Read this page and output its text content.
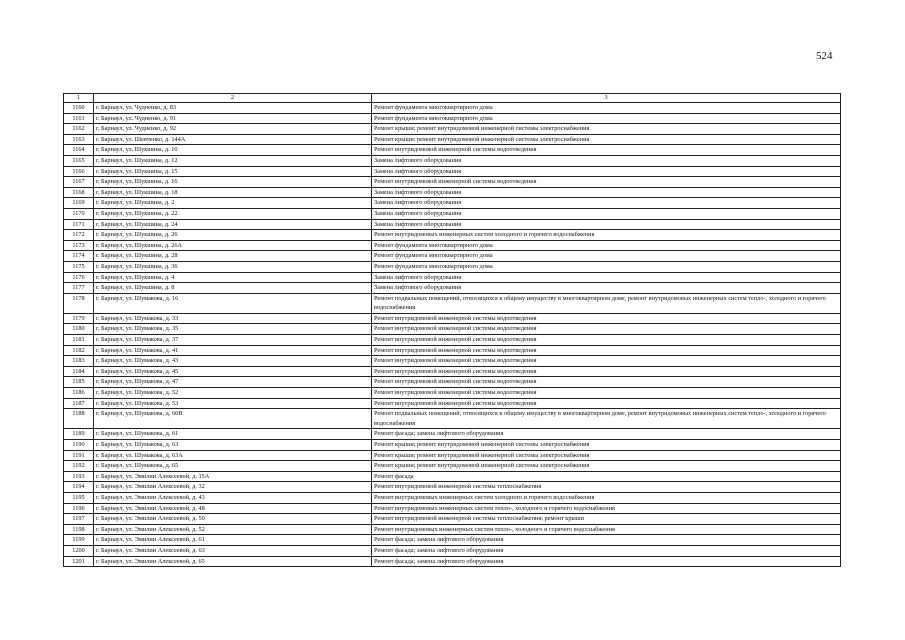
524
1	2	3
1160	г. Барнаул, ул. Чудненко, д. 83	Ремонт фундамента многоквартирного дома
1161	г. Барнаул, ул. Чудненко, д. 91	Ремонт фундамента многоквартирного дома
1162	г. Барнаул, ул. Чудненко, д. 92	Ремонт крыши; ремонт внутридомовой инженерной системы электроснабжения
1163	г. Барнаул, ул. Шевченко, д. 144А	Ремонт крыши; ремонт внутридомовой инженерной системы электроснабжения
1164	г. Барнаул, ул. Шукшина, д. 10	Ремонт внутридомовой инженерной системы водоотведения
1165	г. Барнаул, ул. Шукшина, д. 12	Замена лифтового оборудования
1166	г. Барнаул, ул. Шукшина, д. 15	Замена лифтового оборудования
1167	г. Барнаул, ул. Шукшина, д. 16	Ремонт внутридомовой инженерной системы водоотведения
1168	г. Барнаул, ул. Шукшина, д. 18	Замена лифтового оборудования
1169	г. Барнаул, ул. Шукшина, д. 2	Замена лифтового оборудования
1170	г. Барнаул, ул. Шукшина, д. 22	Замена лифтового оборудования
1171	г. Барнаул, ул. Шукшина, д. 24	Замена лифтового оборудования
1172	г. Барнаул, ул. Шукшина, д. 26	Ремонт внутридомовых инженерных систем холодного и горячего водоснабжения
1173	г. Барнаул, ул. Шукшина, д. 26А	Ремонт фундамента многоквартирного дома
1174	г. Барнаул, ул. Шукшина, д. 28	Ремонт фундамента многоквартирного дома
1175	г. Барнаул, ул. Шукшина, д. 36	Ремонт фундамента многоквартирного дома
1176	г. Барнаул, ул. Шукшина, д. 4	Замена лифтового оборудования
1177	г. Барнаул, ул. Шукшина, д. 8	Замена лифтового оборудования
1178	г. Барнаул, ул. Шумакова, д. 16	Ремонт подвальных помещений, относящихся к общему имуществу в многоквартирном доме, ремонт внутридомовых инженерных систем тепло-, холодного и горячего водоснабжения
1179	г. Барнаул, ул. Шумакова, д. 33	Ремонт внутридомовой инженерной системы водоотведения
1180	г. Барнаул, ул. Шумакова, д. 35	Ремонт внутридомовой инженерной системы водоотведения
1181	г. Барнаул, ул. Шумакова, д. 37	Ремонт внутридомовой инженерной системы водоотведения
1182	г. Барнаул, ул. Шумакова, д. 41	Ремонт внутридомовой инженерной системы водоотведения
1183	г. Барнаул, ул. Шумакова, д. 43	Ремонт внутридомовой инженерной системы водоотведения
1184	г. Барнаул, ул. Шумакова, д. 45	Ремонт внутридомовой инженерной системы водоотведения
1185	г. Барнаул, ул. Шумакова, д. 47	Ремонт внутридомовой инженерной системы водоотведения
1186	г. Барнаул, ул. Шумакова, д. 52	Ремонт внутридомовой инженерной системы водоотведения
1187	г. Барнаул, ул. Шумакова, д. 53	Ремонт внутридомовой инженерной системы водоотведения
1188	г. Барнаул, ул. Шумакова, д. 60В	Ремонт подвальных помещений, относящихся к общему имуществу в многоквартирном доме, ремонт внутридомовых инженерных систем тепло-, холодного и горячего водоснабжения
1189	г. Барнаул, ул. Шумакова, д. 61	Ремонт фасада; замена лифтового оборудования
1190	г. Барнаул, ул. Шумакова, д. 63	Ремонт крыши; ремонт внутридомовой инженерной системы электроснабжения
1191	г. Барнаул, ул. Шумакова, д. 63А	Ремонт крыши; ремонт внутридомовой инженерной системы электроснабжения
1192	г. Барнаул, ул. Шумакова, д. 65	Ремонт крыши; ремонт внутридомовой инженерной системы электроснабжения
1193	г. Барнаул, ул. Эмилии Алексеевой, д. 15А	Ремонт фасада
1194	г. Барнаул, ул. Эмилии Алексеевой, д. 32	Ремонт внутридомовой инженерной системы теплоснабжения
1195	г. Барнаул, ул. Эмилии Алексеевой, д. 43	Ремонт внутридомовых инженерных систем холодного и горячего водоснабжения
1196	г. Барнаул, ул. Эмилии Алексеевой, д. 48	Ремонт внутридомовых инженерных систем тепло-, холодного и горячего водоснабжения
1197	г. Барнаул, ул. Эмилии Алексеевой, д. 50	Ремонт внутридомовой инженерной системы теплоснабжения; ремонт крыши
1198	г. Барнаул, ул. Эмилии Алексеевой, д. 52	Ремонт внутридомовых инженерных систем тепло-, холодного и горячего водоснабжения
1199	г. Барнаул, ул. Эмилии Алексеевой, д. 61	Ремонт фасада; замена лифтового оборудования
1200	г. Барнаул, ул. Эмилии Алексеевой, д. 63	Ремонт фасада; замена лифтового оборудования
1201	г. Барнаул, ул. Эмилии Алексеевой, д. 65	Ремонт фасада; замена лифтового оборудования
